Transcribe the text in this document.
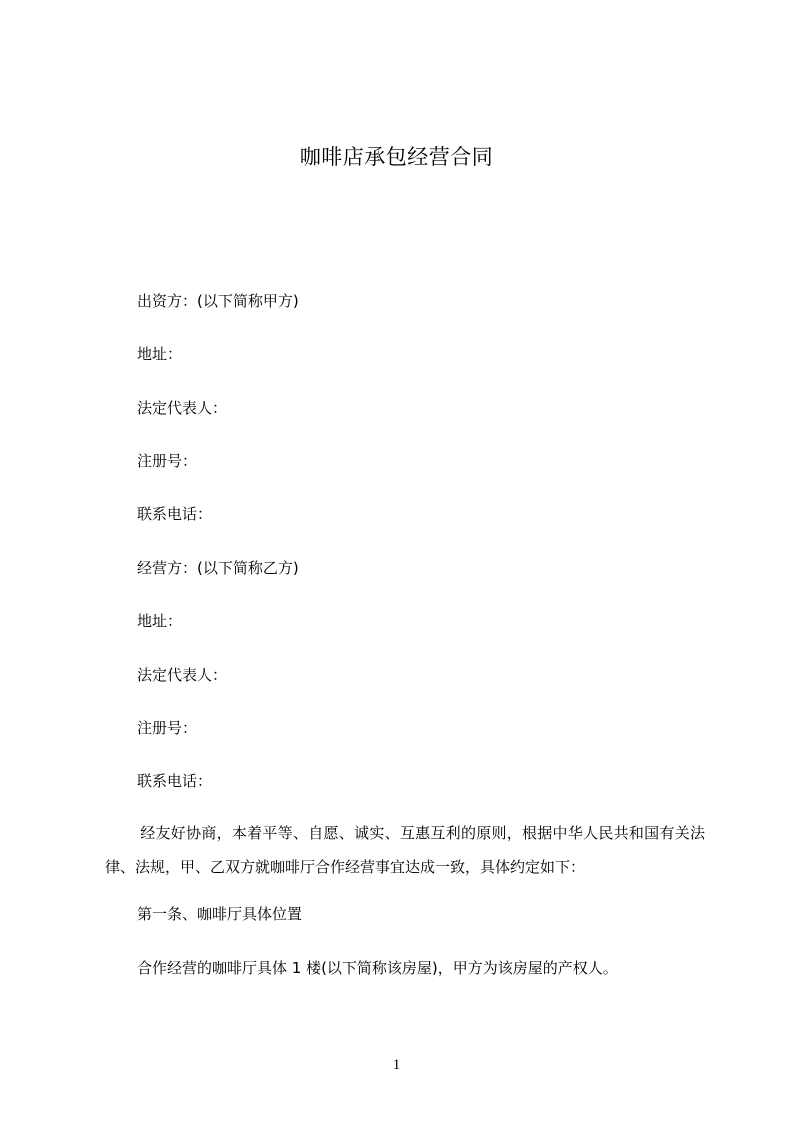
咖啡店承包经营合同
出资方：(以下简称甲方)
地址：
法定代表人：
注册号：
联系电话：
经营方：(以下简称乙方)
地址：
法定代表人：
注册号：
联系电话：
经友好协商，本着平等、自愿、诚实、互惠互利的原则，根据中华人民共和国有关法律、法规，甲、乙双方就咖啡厅合作经营事宜达成一致，具体约定如下：
第一条、咖啡厅具体位置
合作经营的咖啡厅具体 1 楼(以下简称该房屋)，甲方为该房屋的产权人。
1
